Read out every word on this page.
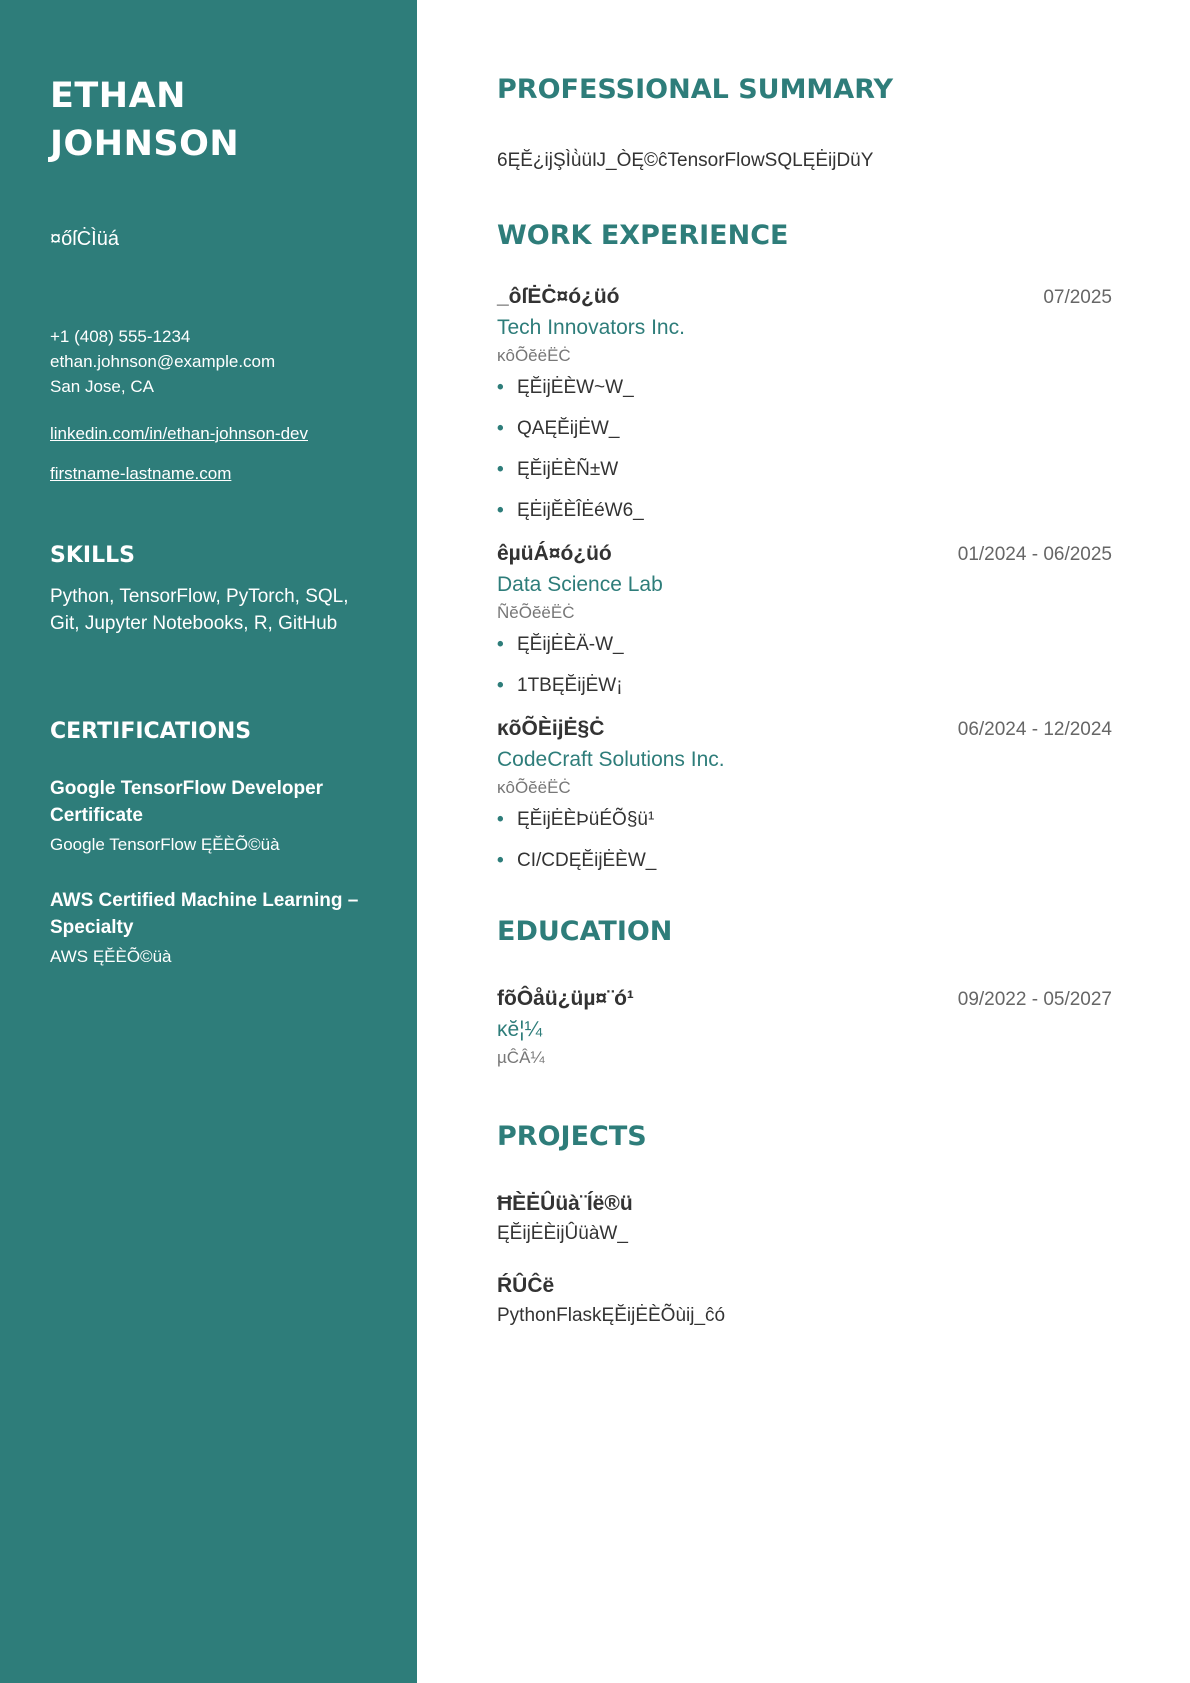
ETHAN JOHNSON
¤őſĊÌüá
+1 (408) 555-1234
ethan.johnson@example.com
San Jose, CA
linkedin.com/in/ethan-johnson-dev
firstname-lastname.com
SKILLS
Python, TensorFlow, PyTorch, SQL, Git, Jupyter Notebooks, R, GitHub
CERTIFICATIONS
Google TensorFlow Developer Certificate
Google TensorFlow ĘĔÈÕ©üà
AWS Certified Machine Learning – Specialty
AWS ĘĔÈÕ©üà
PROFESSIONAL SUMMARY
6ĘĔ¿ĳŞÌù̀üĲ_ÒĘ©ĉTensorFlowSQLĘĖĳDüY
WORK EXPERIENCE
_ôſĖĊ¤ó¿üó	07/2025
Tech Innovators Inc.
ĸôÕĕëËĊ
• ĘĔĳĖÈW~W_
• QAĘĔĳĖW_
• ĘĔĳĖÈÑ±W
• ĘĖĳĔÈÎĖéW6_
êµüÁ¤ó¿üó	01/2024 - 06/2025
Data Science Lab
ÑĕÕĕëËĊ
• ĘĔĳĖÈÄ-W_
• 1TBĘĔĳĖW¡
ĸõÕÈĳĖ§Ċ	06/2024 - 12/2024
CodeCraft Solutions Inc.
ĸôÕĕëËĊ
• ĘĔĳĖÈÞüÉÕ§ü¹
• CI/CDĘĔĳĖÈW_
EDUCATION
fõÔåü¿üµ¤¨ó¹	09/2022 - 05/2027
ĸĕ¦¼
µĈÂ¼
PROJECTS
ĦÈĖÛüà¨Íë®ü
ĘĔĳĖÈĳÛüàW_
ŔÛĈë
PythonFlaskĘĔĳĖÈÕùĳ_ĉó
